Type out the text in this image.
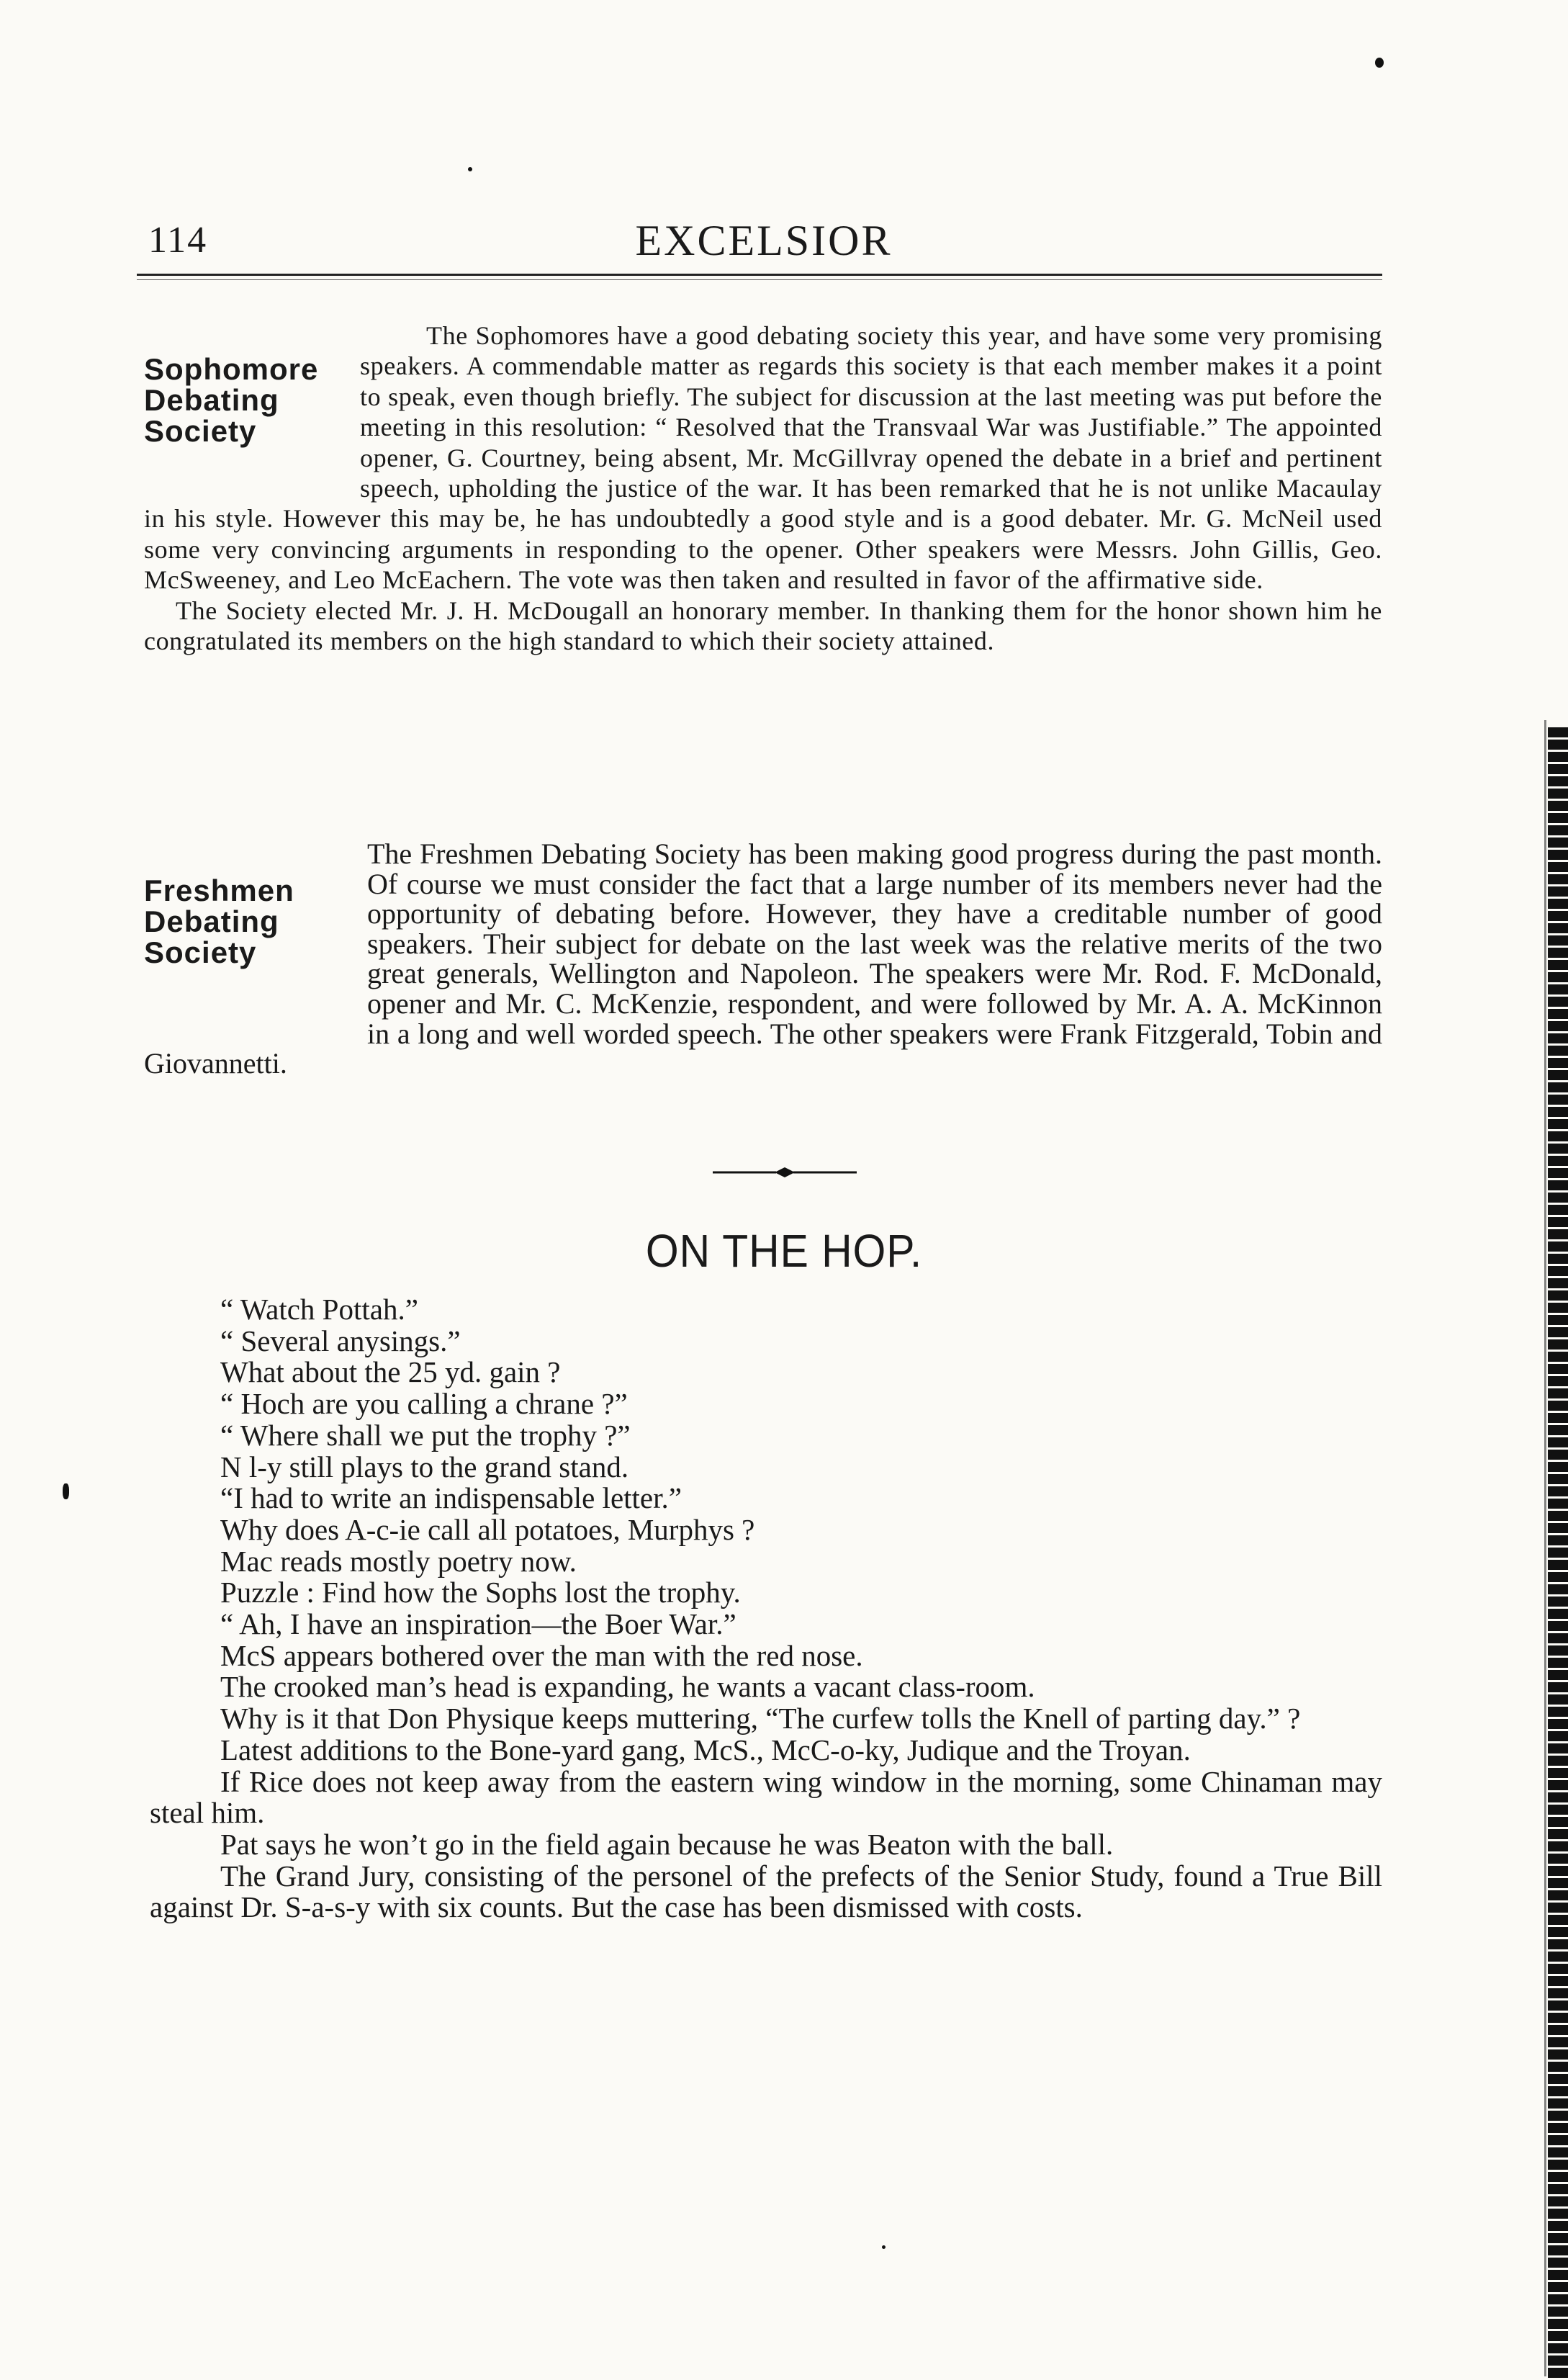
114	EXCELSIOR
Sophomore
Debating
Society

The Sophomores have a good debating society this year, and have some very promising speakers. A commendable matter as regards this society is that each member makes it a point to speak, even though briefly. The subject for discussion at the last meeting was put before the meeting in this resolution: “ Resolved that the Transvaal War was Justifiable.” The appointed opener, G. Courtney, being absent, Mr. McGillvray opened the debate in a brief and pertinent speech, upholding the justice of the war. It has been remarked that he is not unlike Macaulay in his style. However this may be, he has undoubtedly a good style and is a good debater. Mr. G. McNeil used some very convincing arguments in responding to the opener. Other speakers were Messrs. John Gillis, Geo. McSweeney, and Leo McEachern. The vote was then taken and resulted in favor of the affirmative side.

The Society elected Mr. J. H. McDougall an honorary member. In thanking them for the honor shown him he congratulated its members on the high standard to which their society attained.

Freshmen
Debating
Society

The Freshmen Debating Society has been making good progress during the past month. Of course we must consider the fact that a large number of its members never had the opportunity of debating before. However, they have a creditable number of good speakers. Their subject for debate on the last week was the relative merits of the two great generals, Wellington and Napoleon. The speakers were Mr. Rod. F. McDonald, opener and Mr. C. McKenzie, respondent, and were followed by Mr. A. A. McKinnon in a long and well worded speech. The other speakers were Frank Fitzgerald, Tobin and Giovannetti.

ON THE HOP.

“ Watch Pottah.”

“ Several anysings.”

What about the 25 yd. gain ?

“ Hoch are you calling a chrane ?”

“ Where shall we put the trophy ?”

N l-y still plays to the grand stand.

“I had to write an indispensable letter.”

Why does A-c-ie call all potatoes, Murphys ?

Mac reads mostly poetry now.

Puzzle : Find how the Sophs lost the trophy.

“ Ah, I have an inspiration—the Boer War.”

McS appears bothered over the man with the red nose.

The crooked man’s head is expanding, he wants a vacant class-room.

Why is it that Don Physique keeps muttering, “The curfew tolls the Knell of parting day.” ?

Latest additions to the Bone-yard gang, McS., McC-o-ky, Judique and the Troyan.

If Rice does not keep away from the eastern wing window in the morning, some Chinaman may steal him.

Pat says he won’t go in the field again because he was Beaton with the ball.

The Grand Jury, consisting of the personel of the prefects of the Senior Study, found a True Bill against Dr. S-a-s-y with six counts. But the case has been dismissed with costs.
